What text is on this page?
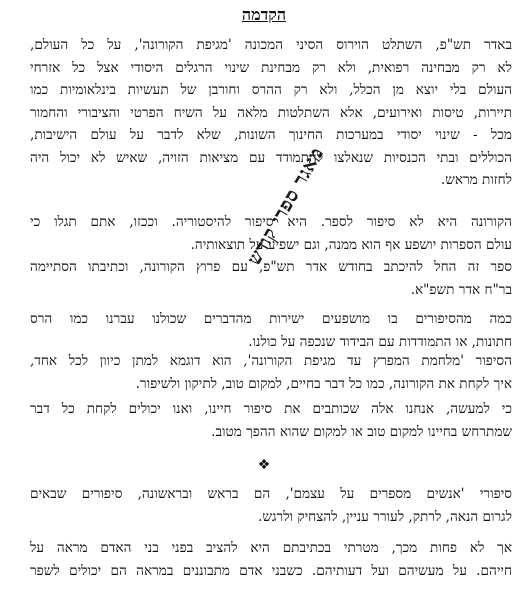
הקדמה
באדר תש"פ, השתלט הוירוס הסיני המכונה 'מגיפת הקורונה', על כל העולם,
לא רק מבחינה רפואית, ולא רק מבחינת שינוי הרגלים היסודי אצל כל אזרחי
העולם בלי יוצא מן הכלל, ולא רק ההרס וחורבן של תעשיות בינלאומיות כמו
תיירות, טיסות ואירועים, אלא השתלטות מלאה על השיח הפרטי והציבורי והחמור
מכל - שינוי יסודי במערכות החינוך השונות, שלא לדבר על עולם הישיבות,
הכוללים ובתי הכנסיות שנאלצו להתמודד עם מציאות הזויה, שאיש לא יכול היה
לחזות מראש.
הקורונה היא לא סיפור לספר. היא סיפור להיסטוריה. וככזו, אתם תגלו כי
עולם הספרות יושפע אף הוא ממנה, וגם ישפיע על תוצאותיה.
ספר זה החל להיכתב בחודש אדר תש"פ, עם פרוץ הקורונה, וכתיבתו הסתיימה
בר"ח אדר תשפ"א.
כמה מהסיפורים בו מושפעים ישירות מהדברים שכולנו עברנו כמו הרס
חתונות, או התמודדות עם הבידוד שנכפה על כולנו.
הסיפור 'מלחמת המפרץ עד מגיפת הקורונה', הוא דוגמא למתן כיוון לכל אחד,
איך לקחת את הקורונה, כמו כל דבר בחיים, למקום טוב, לתיקון ולשיפור.
כי למעשה, אנחנו אלה שכותבים את סיפור חיינו, ואנו יכולים לקחת כל דבר
שמתרחש בחיינו למקום טוב או למקום שהוא ההפך מטוב.
סיפורי 'אנשים מספרים על עצמם', הם בראש ובראשונה, סיפורים שבאים
לגרום הנאה, לרתק, לעורר עניין, להצחיק ולרגש.
אך לא פחות מכך, מטרתי בכתיבתם היא להציב בפני בני האדם מראה על
חייהם. על מעשיהם ועל דעותיהם. כשבני אדם מתבוננים במראה הם יכולים לשפר
❖
מאגר ספרי קודש
